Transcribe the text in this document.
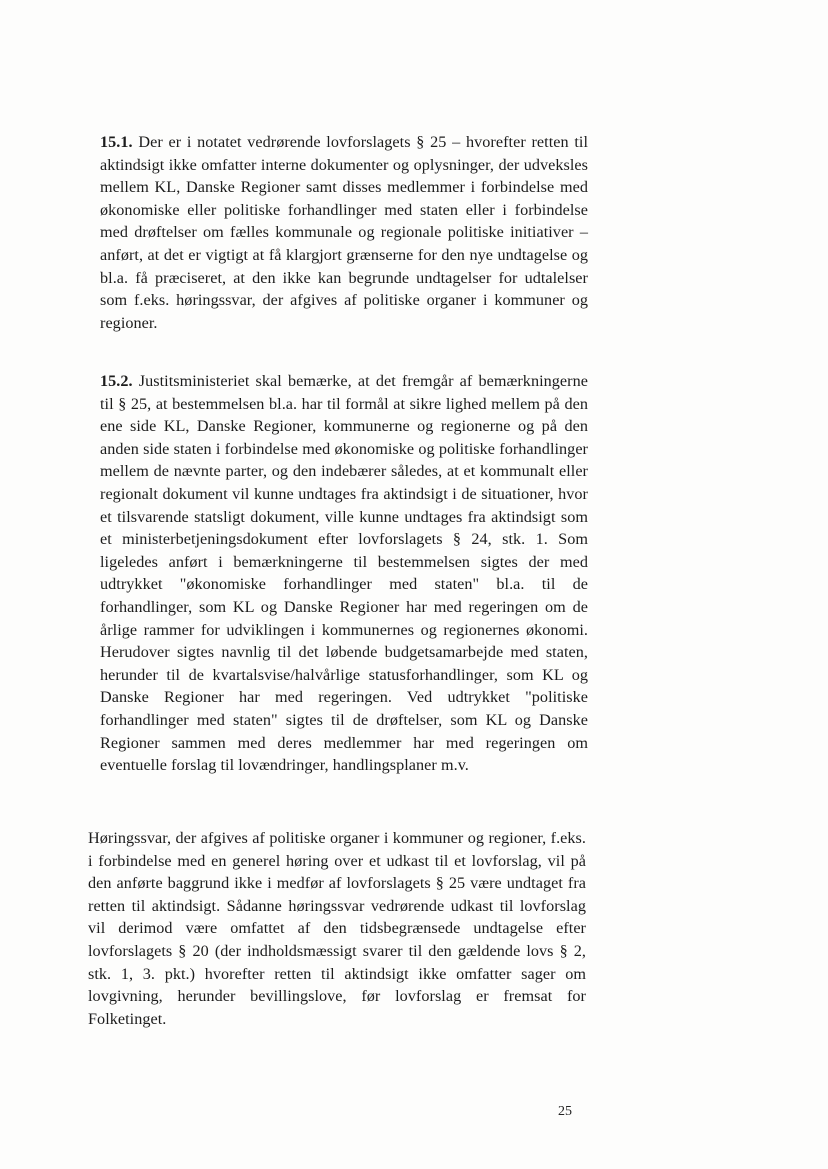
15.1. Der er i notatet vedrørende lovforslagets § 25 – hvorefter retten til aktindsigt ikke omfatter interne dokumenter og oplysninger, der udveksles mellem KL, Danske Regioner samt disses medlemmer i forbindelse med økonomiske eller politiske forhandlinger med staten eller i forbindelse med drøftelser om fælles kommunale og regionale politiske initiativer – anført, at det er vigtigt at få klargjort grænserne for den nye undtagelse og bl.a. få præciseret, at den ikke kan begrunde undtagelser for udtalelser som f.eks. høringssvar, der afgives af politiske organer i kommuner og regioner.

15.2. Justitsministeriet skal bemærke, at det fremgår af bemærkningerne til § 25, at bestemmelsen bl.a. har til formål at sikre lighed mellem på den ene side KL, Danske Regioner, kommunerne og regionerne og på den anden side staten i forbindelse med økonomiske og politiske forhandlinger mellem de nævnte parter, og den indebærer således, at et kommunalt eller regionalt dokument vil kunne undtages fra aktindsigt i de situationer, hvor et tilsvarende statsligt dokument, ville kunne undtages fra aktindsigt som et ministerbetjeningsdokument efter lovforslagets § 24, stk. 1. Som ligeledes anført i bemærkningerne til bestemmelsen sigtes der med udtrykket "økonomiske forhandlinger med staten" bl.a. til de forhandlinger, som KL og Danske Regioner har med regeringen om de årlige rammer for udviklingen i kommunernes og regionernes økonomi. Herudover sigtes navnlig til det løbende budgetsamarbejde med staten, herunder til de kvartalsvise/halvårlige statusforhandlinger, som KL og Danske Regioner har med regeringen. Ved udtrykket "politiske forhandlinger med staten" sigtes til de drøftelser, som KL og Danske Regioner sammen med deres medlemmer har med regeringen om eventuelle forslag til lovændringer, handlingsplaner m.v.

Høringssvar, der afgives af politiske organer i kommuner og regioner, f.eks. i forbindelse med en generel høring over et udkast til et lovforslag, vil på den anførte baggrund ikke i medfør af lovforslagets § 25 være undtaget fra retten til aktindsigt. Sådanne høringssvar vedrørende udkast til lovforslag vil derimod være omfattet af den tidsbegrænsede undtagelse efter lovforslagets § 20 (der indholdsmæssigt svarer til den gældende lovs § 2, stk. 1, 3. pkt.) hvorefter retten til aktindsigt ikke omfatter sager om lovgivning, herunder bevillingslove, før lovforslag er fremsat for Folketinget.

25
